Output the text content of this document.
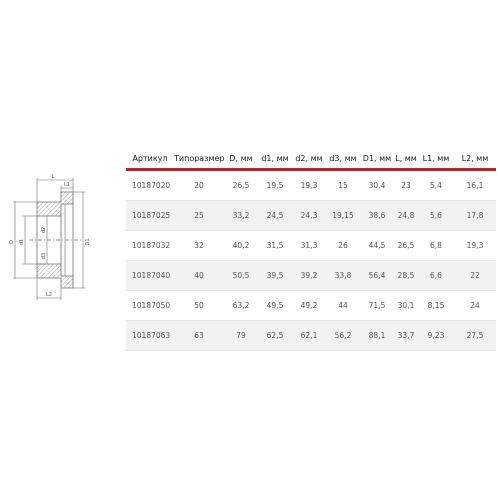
L
L1
L2
D d1
d2
d3
D1
Артикул	Типоразмер	D, мм	d1, мм	d2, мм	d3, мм	D1, мм	L, мм	L1, мм	L2, мм
10187020	20	26,5	19,5	19,3	15	30,4	23	5,4	16,1
10187025	25	33,2	24,5	24,3	19,15	38,6	24,8	5,6	17,8
10187032	32	40,2	31,5	31,3	26	44,5	26,5	6,8	19,3
10187040	40	50,5	39,5	39,2	33,8	56,4	28,5	6,6	22
10187050	50	63,2	49,5	49,2	44	71,5	30,1	8,15	24
10187063	63	79	62,5	62,1	56,2	88,1	33,7	9,23	27,5
